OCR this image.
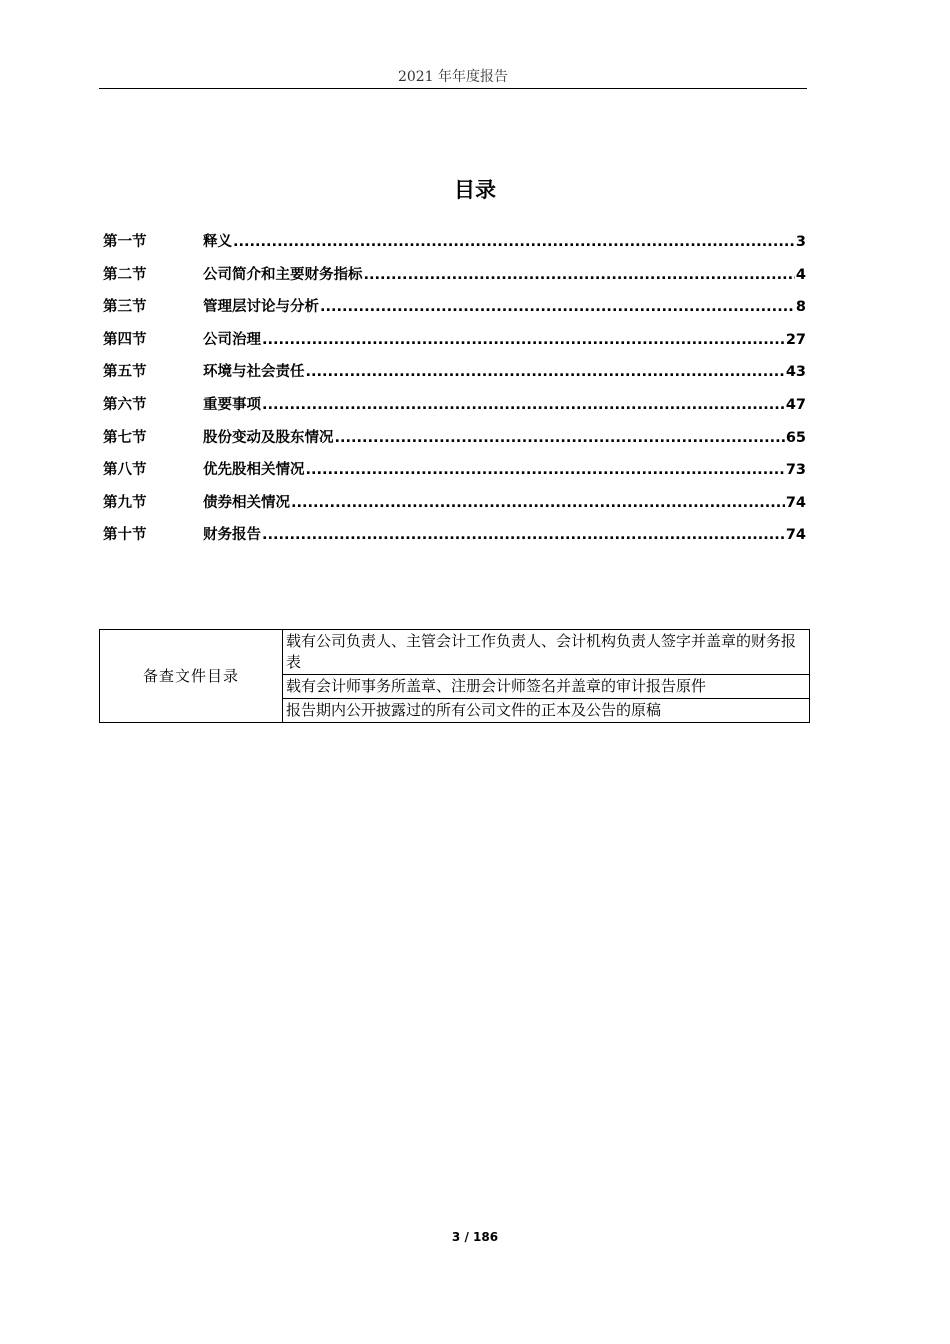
2021 年年度报告
目录
第一节	释义 .....	3
第二节	公司简介和主要财务指标 .....	4
第三节	管理层讨论与分析 .....	8
第四节	公司治理 .....	27
第五节	环境与社会责任 .....	43
第六节	重要事项 .....	47
第七节	股份变动及股东情况 .....	65
第八节	优先股相关情况 .....	73
第九节	债券相关情况 .....	74
第十节	财务报告 .....	74
备查文件目录	载有公司负责人、主管会计工作负责人、会计机构负责人签字并盖章的财务报表
载有会计师事务所盖章、注册会计师签名并盖章的审计报告原件
报告期内公开披露过的所有公司文件的正本及公告的原稿
3 / 186
